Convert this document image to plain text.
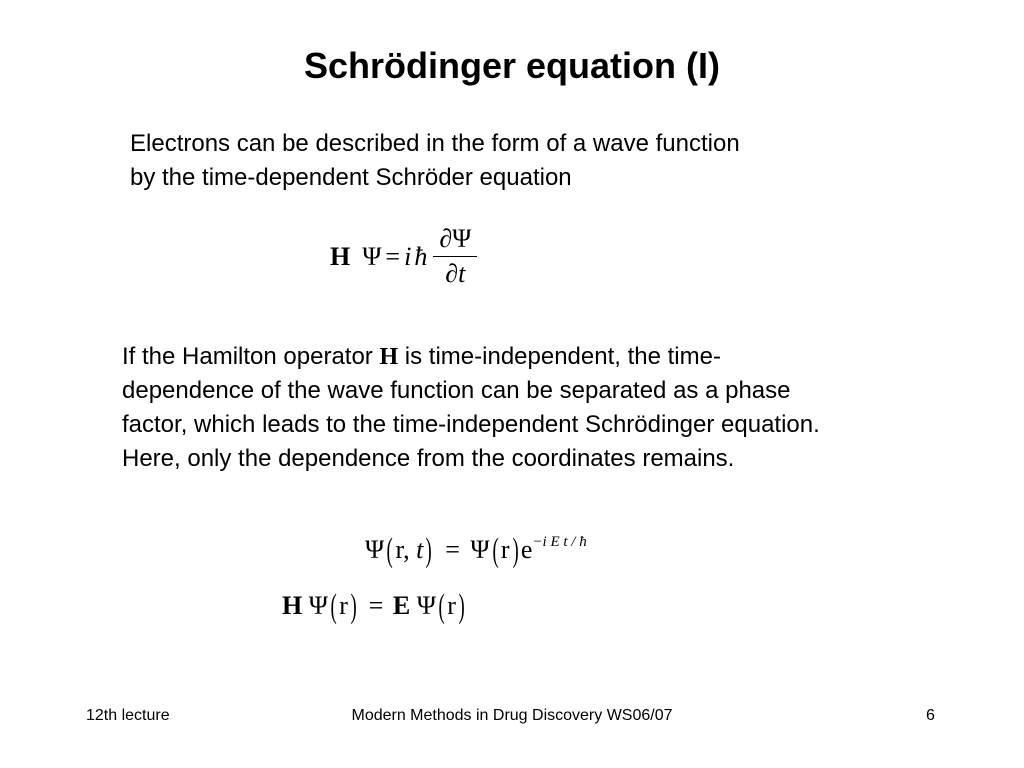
Schrödinger equation (I)
Electrons can be described in the form of a wave function by the time-dependent Schröder equation
H Ψ = i ħ $\frac{\partial\Psi}{\partial t}$
If the Hamilton operator H is time-independent, the time-dependence of the wave function can be separated as a phase factor, which leads to the time-independent Schrödinger equation. Here, only the dependence from the coordinates remains.
Ψ(r, $t) = \Psi(r)e^{-i E t / ħ}$
H Ψ(r) = E Ψ(r)
12th lecture	Modern Methods in Drug Discovery WS06/07	6
